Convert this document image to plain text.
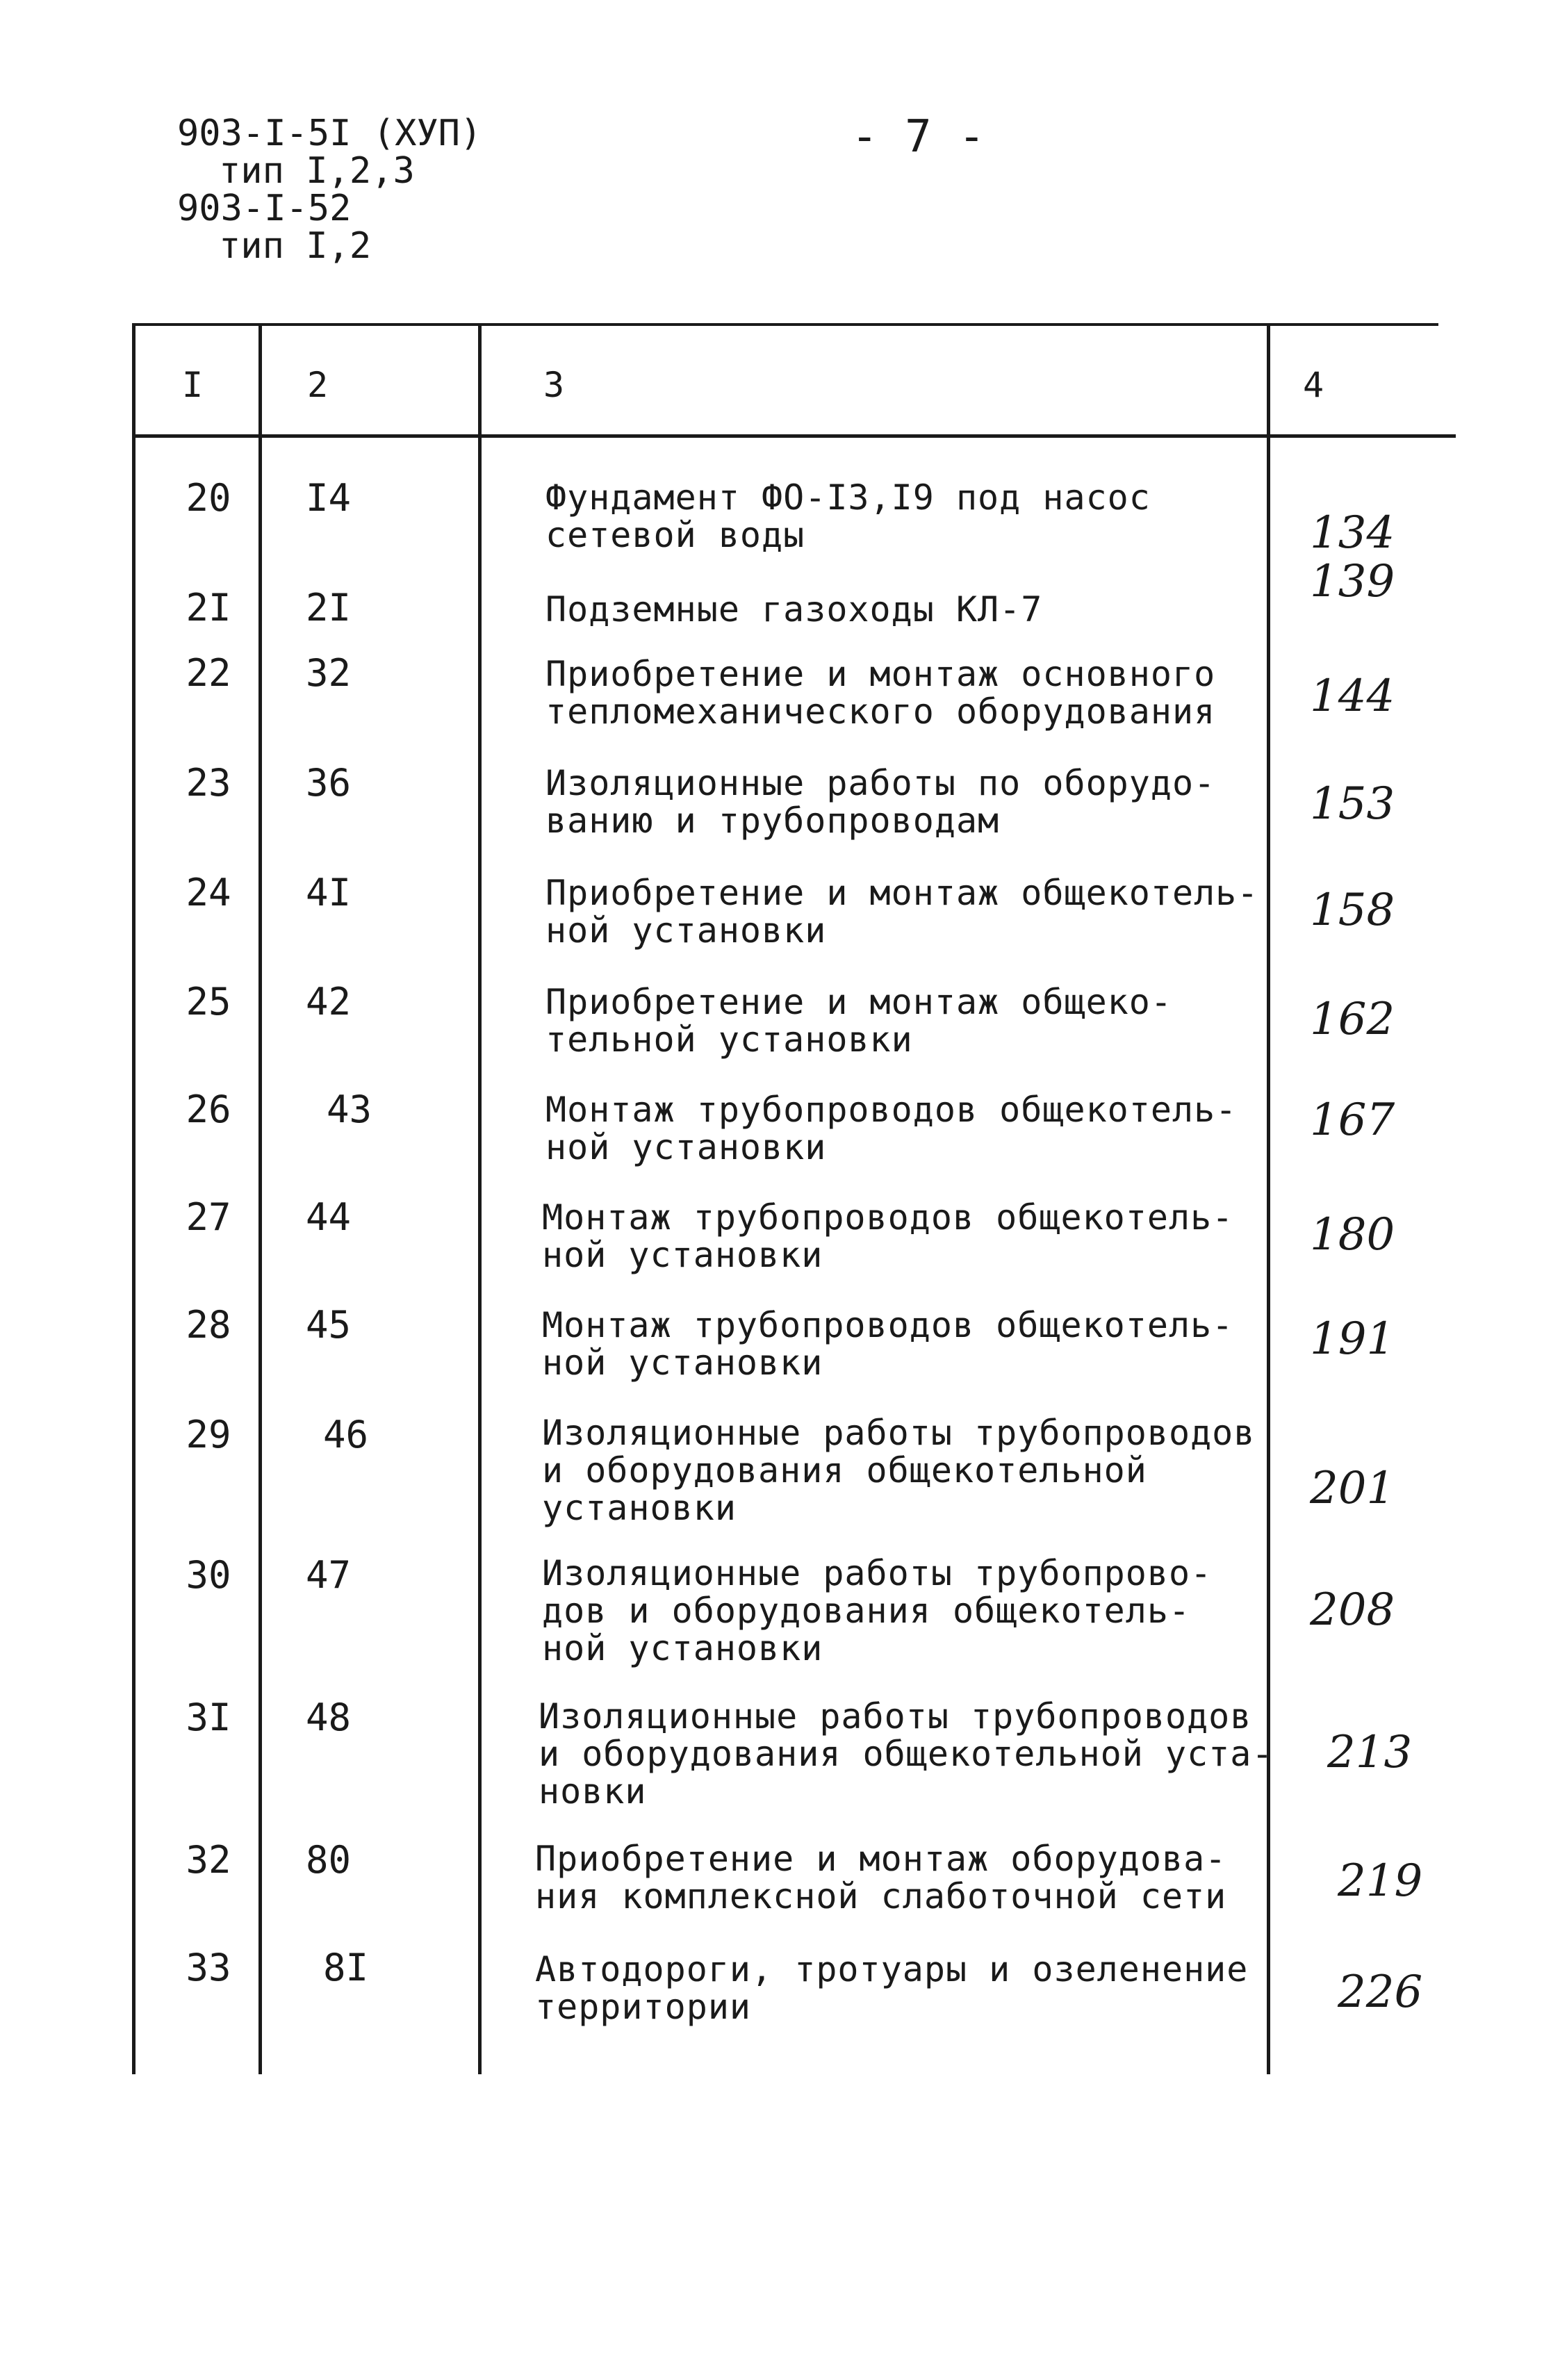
903-I-5I (ХУП)
тип I,2,3
903-I-52
тип I,2
- 7 -
I	2	3	4
20	I4	Фундамент ФО-I3,I9 под насос
сетевой воды	134
2I	2I	Подземные газоходы КЛ-7
139
22	32	Приобретение и монтаж основного
тепломеханического оборудования 144
23	36	Изоляционные работы по оборудо-
ванию и трубопроводам	153
24	4I	Приобретение и монтаж общекотель-
ной установки	158
25	42	Приобретение и монтаж общеко-
тельной установки	162
26	43	Монтаж трубопроводов общекотель-
ной установки
167
27	44	Монтаж трубопроводов общекотель-
ной установки	180
28	45	Монтаж трубопроводов общекотель-
ной установки	191
29	46	Изоляционные работы трубопроводов
и оборудования общекотельной
установки	201
30	47	Изоляционные работы трубопрово-
дов и оборудования общекотель-
ной установки
208
3I	48	Изоляционные работы трубопроводов
и оборудования общекотельной уста-
новки
213
32	80	Приобретение и монтаж оборудова-
ния комплексной слаботочной сети 219
33	8I	Автодороги, тротуары и озеленение
территории	226
